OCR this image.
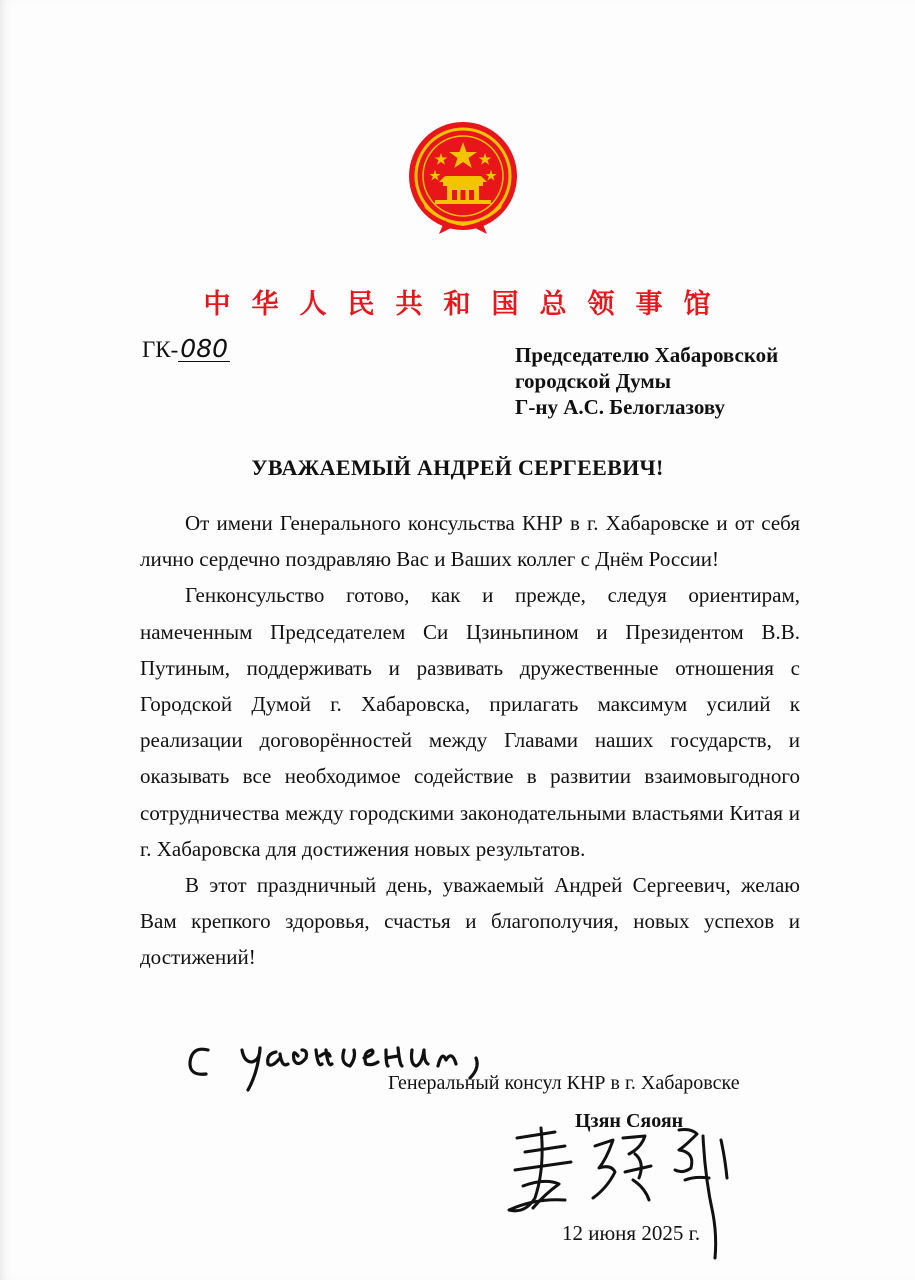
中华人民共和国总领事馆
ГК-080	Председателю Хабаровской
городской Думы
Г-ну А.С. Белоглазову
УВАЖАЕМЫЙ АНДРЕЙ СЕРГЕЕВИЧ!

От имени Генерального консульства КНР в г. Хабаровске и от себя лично сердечно поздравляю Вас и Ваших коллег с Днём России!

Генконсульство готово, как и прежде, следуя ориентирам, намеченным Председателем Си Цзиньпином и Президентом В.В. Путиным, поддерживать и развивать дружественные отношения с Городской Думой г. Хабаровска, прилагать максимум усилий к реализации договорённостей между Главами наших государств, и оказывать все необходимое содействие в развитии взаимовыгодного сотрудничества между городскими законодательными властьями Китая и г. Хабаровска для достижения новых результатов.

В этот праздничный день, уважаемый Андрей Сергеевич, желаю Вам крепкого здоровья, счастья и благополучия, новых успехов и достижений!

Генеральный консул КНР в г. Хабаровске
Цзян Сяоян
12 июня 2025 г.
